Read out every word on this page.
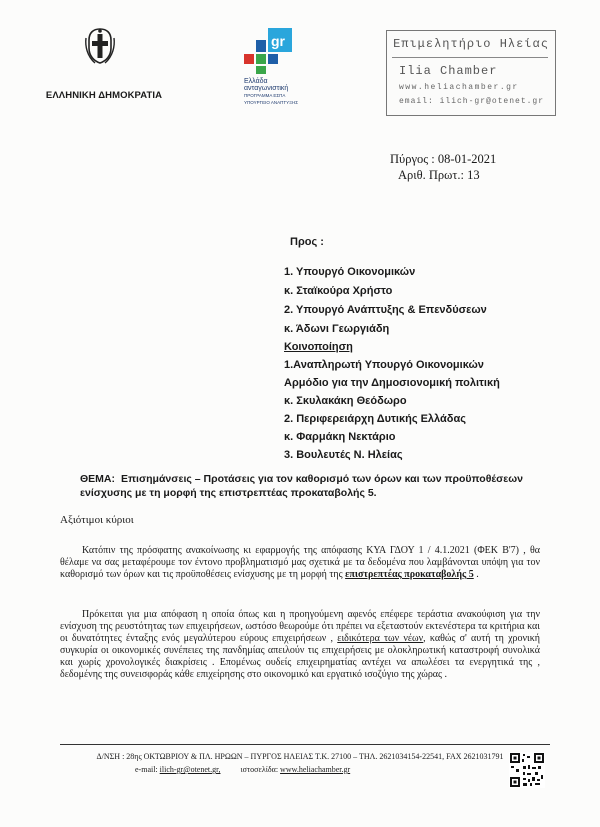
ΕΛΛΗΝΙΚΗ ΔΗΜΟΚΡΑΤΙΑ
gr
Ελλάδα
ανταγωνιστική
ΠΡΟΓΡΑΜΜΑ ΕΣΠΑ
ΥΠΟΥΡΓΕΙΟ ΑΝΑΠΤΥΞΗΣ
Επιμελητήριο Ηλείας
Ilia Chamber
www.heliachamber.gr
email: ilich-gr@otenet.gr
Πύργος : 08-01-2021
Αριθ. Πρωτ.: 13
Προς :
1. Υπουργό Οικονομικών
κ. Σταϊκούρα Χρήστο
2. Υπουργό Ανάπτυξης & Επενδύσεων
κ. Άδωνι Γεωργιάδη
Κοινοποίηση
1.Αναπληρωτή Υπουργό Οικονομικών
Αρμόδιο για την Δημοσιονομική πολιτική
κ. Σκυλακάκη Θεόδωρο
2. Περιφερειάρχη Δυτικής Ελλάδας
κ. Φαρμάκη Νεκτάριο
3. Βουλευτές Ν. Ηλείας
ΘΕΜΑ: Επισημάνσεις – Προτάσεις για τον καθορισμό των όρων και των προϋποθέσεων ενίσχυσης με τη μορφή της επιστρεπτέας προκαταβολής 5.
Αξιότιμοι κύριοι
Κατόπιν της πρόσφατης ανακοίνωσης κι εφαρμογής της απόφασης ΚΥΑ ΓΔΟΥ 1 / 4.1.2021 (ΦΕΚ Β'7) , θα θέλαμε να σας μεταφέρουμε τον έντονο προβληματισμό μας σχετικά με τα δεδομένα που λαμβάνονται υπόψη για τον καθορισμό των όρων και τις προϋποθέσεις ενίσχυσης με τη μορφή της επιστρεπτέας προκαταβολής 5 .
Πρόκειται για μια απόφαση η οποία όπως και η προηγούμενη αφενός επέφερε τεράστια ανακούφιση για την ενίσχυση της ρευστότητας των επιχειρήσεων, ωστόσο θεωρούμε ότι πρέπει να εξεταστούν εκτενέστερα τα κριτήρια και οι δυνατότητες ένταξης ενός μεγαλύτερου εύρους επιχειρήσεων , ειδικότερα των νέων, καθώς σ' αυτή τη χρονική συγκυρία οι οικονομικές συνέπειες της πανδημίας απειλούν τις επιχειρήσεις με ολοκληρωτική καταστροφή συνολικά και χωρίς χρονολογικές διακρίσεις . Επομένως ουδείς επιχειρηματίας αντέχει να απωλέσει τα ενεργητικά της , δεδομένης της συνεισφοράς κάθε επιχείρησης στο οικονομικό και εργατικό ισοζύγιο της χώρας .
Δ/ΝΣΗ : 28ης ΟΚΤΩΒΡΙΟΥ & ΠΛ. ΗΡΩΩΝ – ΠΥΡΓΟΣ ΗΛΕΙΑΣ Τ.Κ. 27100 – ΤΗΛ. 2621034154-22541, FAX 2621031791
e-mail: ilich-gr@otenet.gr,	ιστοσελίδα: www.heliachamber.gr
